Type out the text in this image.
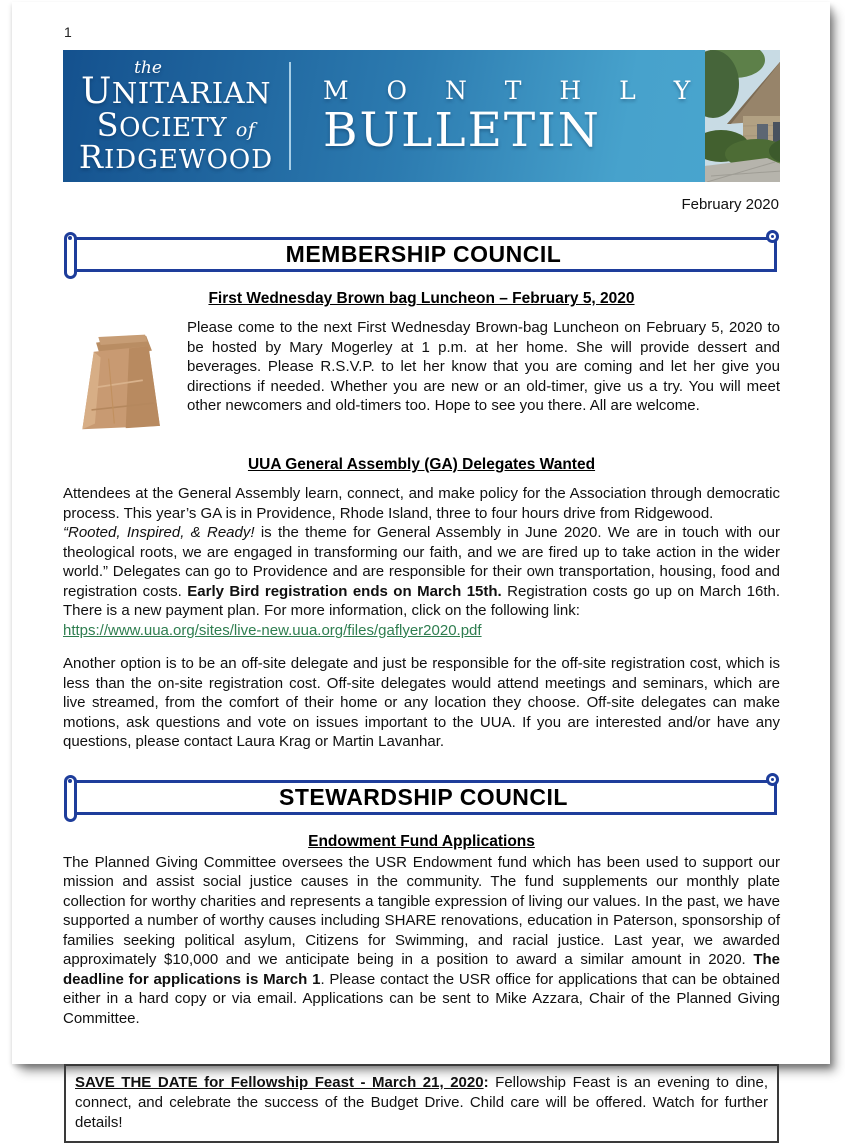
1
the
UNITARIAN
SOCIETY of
RIDGEWOOD
M O N T H L Y
BULLETIN
February 2020
MEMBERSHIP COUNCIL
First Wednesday Brown bag Luncheon – February 5, 2020

Please come to the next First Wednesday Brown-bag Luncheon on February 5, 2020 to be hosted by Mary Mogerley at 1 p.m. at her home. She will provide dessert and beverages. Please R.S.V.P. to let her know that you are coming and let her give you directions if needed. Whether you are new or an old-timer, give us a try. You will meet other newcomers and old-timers too. Hope to see you there. All are welcome.

UUA General Assembly (GA) Delegates Wanted

Attendees at the General Assembly learn, connect, and make policy for the Association through democratic process. This year’s GA is in Providence, Rhode Island, three to four hours drive from Ridgewood.
“Rooted, Inspired, & Ready! is the theme for General Assembly in June 2020. We are in touch with our theological roots, we are engaged in transforming our faith, and we are fired up to take action in the wider world.” Delegates can go to Providence and are responsible for their own transportation, housing, food and registration costs. Early Bird registration ends on March 15th. Registration costs go up on March 16th. There is a new payment plan. For more information, click on the following link:
https://www.uua.org/sites/live-new.uua.org/files/gaflyer2020.pdf

Another option is to be an off-site delegate and just be responsible for the off-site registration cost, which is less than the on-site registration cost. Off-site delegates would attend meetings and seminars, which are live streamed, from the comfort of their home or any location they choose. Off-site delegates can make motions, ask questions and vote on issues important to the UUA. If you are interested and/or have any questions, please contact Laura Krag or Martin Lavanhar.

STEWARDSHIP COUNCIL
Endowment Fund Applications

The Planned Giving Committee oversees the USR Endowment fund which has been used to support our mission and assist social justice causes in the community. The fund supplements our monthly plate collection for worthy charities and represents a tangible expression of living our values. In the past, we have supported a number of worthy causes including SHARE renovations, education in Paterson, sponsorship of families seeking political asylum, Citizens for Swimming, and racial justice. Last year, we awarded approximately $10,000 and we anticipate being in a position to award a similar amount in 2020. The deadline for applications is March 1. Please contact the USR office for applications that can be obtained either in a hard copy or via email. Applications can be sent to Mike Azzara, Chair of the Planned Giving Committee.

SAVE THE DATE for Fellowship Feast - March 21, 2020: Fellowship Feast is an evening to dine, connect, and celebrate the success of the Budget Drive. Child care will be offered. Watch for further details!
